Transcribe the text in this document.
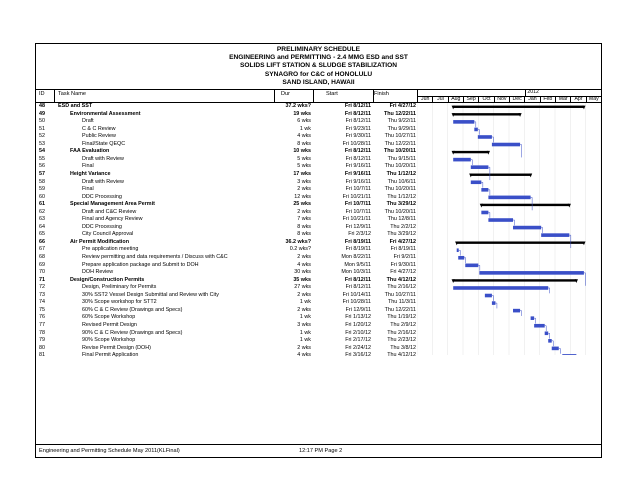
PRELIMINARY SCHEDULE
ENGINEERING and PERMITTING - 2.4 MMG ESD and SST
SOLIDS LIFT STATION & SLUDGE STABILIZATION
SYNAGRO for C&C of HONOLULU
SAND ISLAND, HAWAII
ID Task Name	Dur	Start	Finish
Jun	Jul	Aug	Sep	Oct	Nov	Dec	Jan	Feb	Mar	Apr	May
2012
48 ESD and SST	37.2 wks?	Fri 8/12/11	Fri 4/27/12
49	Environmental Assessment	19 wks	Fri 8/12/11	Thu 12/22/11
50	Draft	6 wks	Fri 8/12/11	Thu 9/22/11
51	C & C Review	1 wk	Fri 9/23/11	Thu 9/29/11
52	Public Review	4 wks	Fri 9/30/11	Thu 10/27/11
53	Final/State QEQC	8 wks	Fri 10/28/11	Thu 12/22/11
54	FAA Evaluation	10 wks	Fri 8/12/11	Thu 10/20/11
55	Draft with Review	5 wks	Fri 8/12/11	Thu 9/15/11
56	Final	5 wks	Fri 9/16/11	Thu 10/20/11
57	Height Variance	17 wks	Fri 9/16/11	Thu 1/12/12
58	Draft with Review	3 wks	Fri 9/16/11	Thu 10/6/11
59	Final	2 wks	Fri 10/7/11	Thu 10/20/11
60	DDC Processing	12 wks	Fri 10/21/11	Thu 1/12/12
61	Special Management Area Permit	25 wks	Fri 10/7/11	Thu 3/29/12
62	Draft and C&C Review	2 wks	Fri 10/7/11	Thu 10/20/11
63	Final and Agency Review	7 wks	Fri 10/21/11	Thu 12/8/11
64	DDC Processing	8 wks	Fri 12/9/11	Thu 2/2/12
65	City Council Approval	8 wks	Fri 2/3/12	Thu 3/29/12
66	Air Permit Modification	36.2 wks?	Fri 8/19/11	Fri 4/27/12
67	Pre application meeting	0.2 wks?	Fri 8/19/11	Fri 8/19/11
68	Review permitting and data requirements / Discuss with C&C	2 wks	Mon 8/22/11	Fri 9/2/11
69	Prepare application package and Submit to DOH	4 wks	Mon 9/5/11	Fri 9/30/11
70	DOH Review	30 wks	Mon 10/3/11	Fri 4/27/12
71	Design/Construction Permits	35 wks	Fri 8/12/11	Thu 4/12/12
72	Design, Preliminary for Permits	27 wks	Fri 8/12/11	Thu 2/16/12
73	30% SST2 Vessel Design Submittal and Review with City	2 wks	Fri 10/14/11	Thu 10/27/11
74	30% Scope workshop for STT2	1 wk	Fri 10/28/11	Thu 11/3/11
75	60% C & C Review (Drawings and Specs)	2 wks	Fri 12/9/11	Thu 12/22/11
76	60% Scope Workshop	1 wk	Fri 1/13/12	Thu 1/19/12
77	Revised Permit Design	3 wks	Fri 1/20/12	Thu 2/9/12
78	90% C & C Review (Drawings and Specs)	1 wk	Fri 2/10/12	Thu 2/16/12
79	90% Scope Workshop	1 wk	Fri 2/17/12	Thu 2/23/12
80	Revise Permit Design (DOH)	2 wks	Fri 2/24/12	Thu 3/8/12
81	Final Permit Application	4 wks	Fri 3/16/12	Thu 4/12/12
Engineering and Permitting Schedule May 2011(KLFinal)	12:17 PM Page 2
